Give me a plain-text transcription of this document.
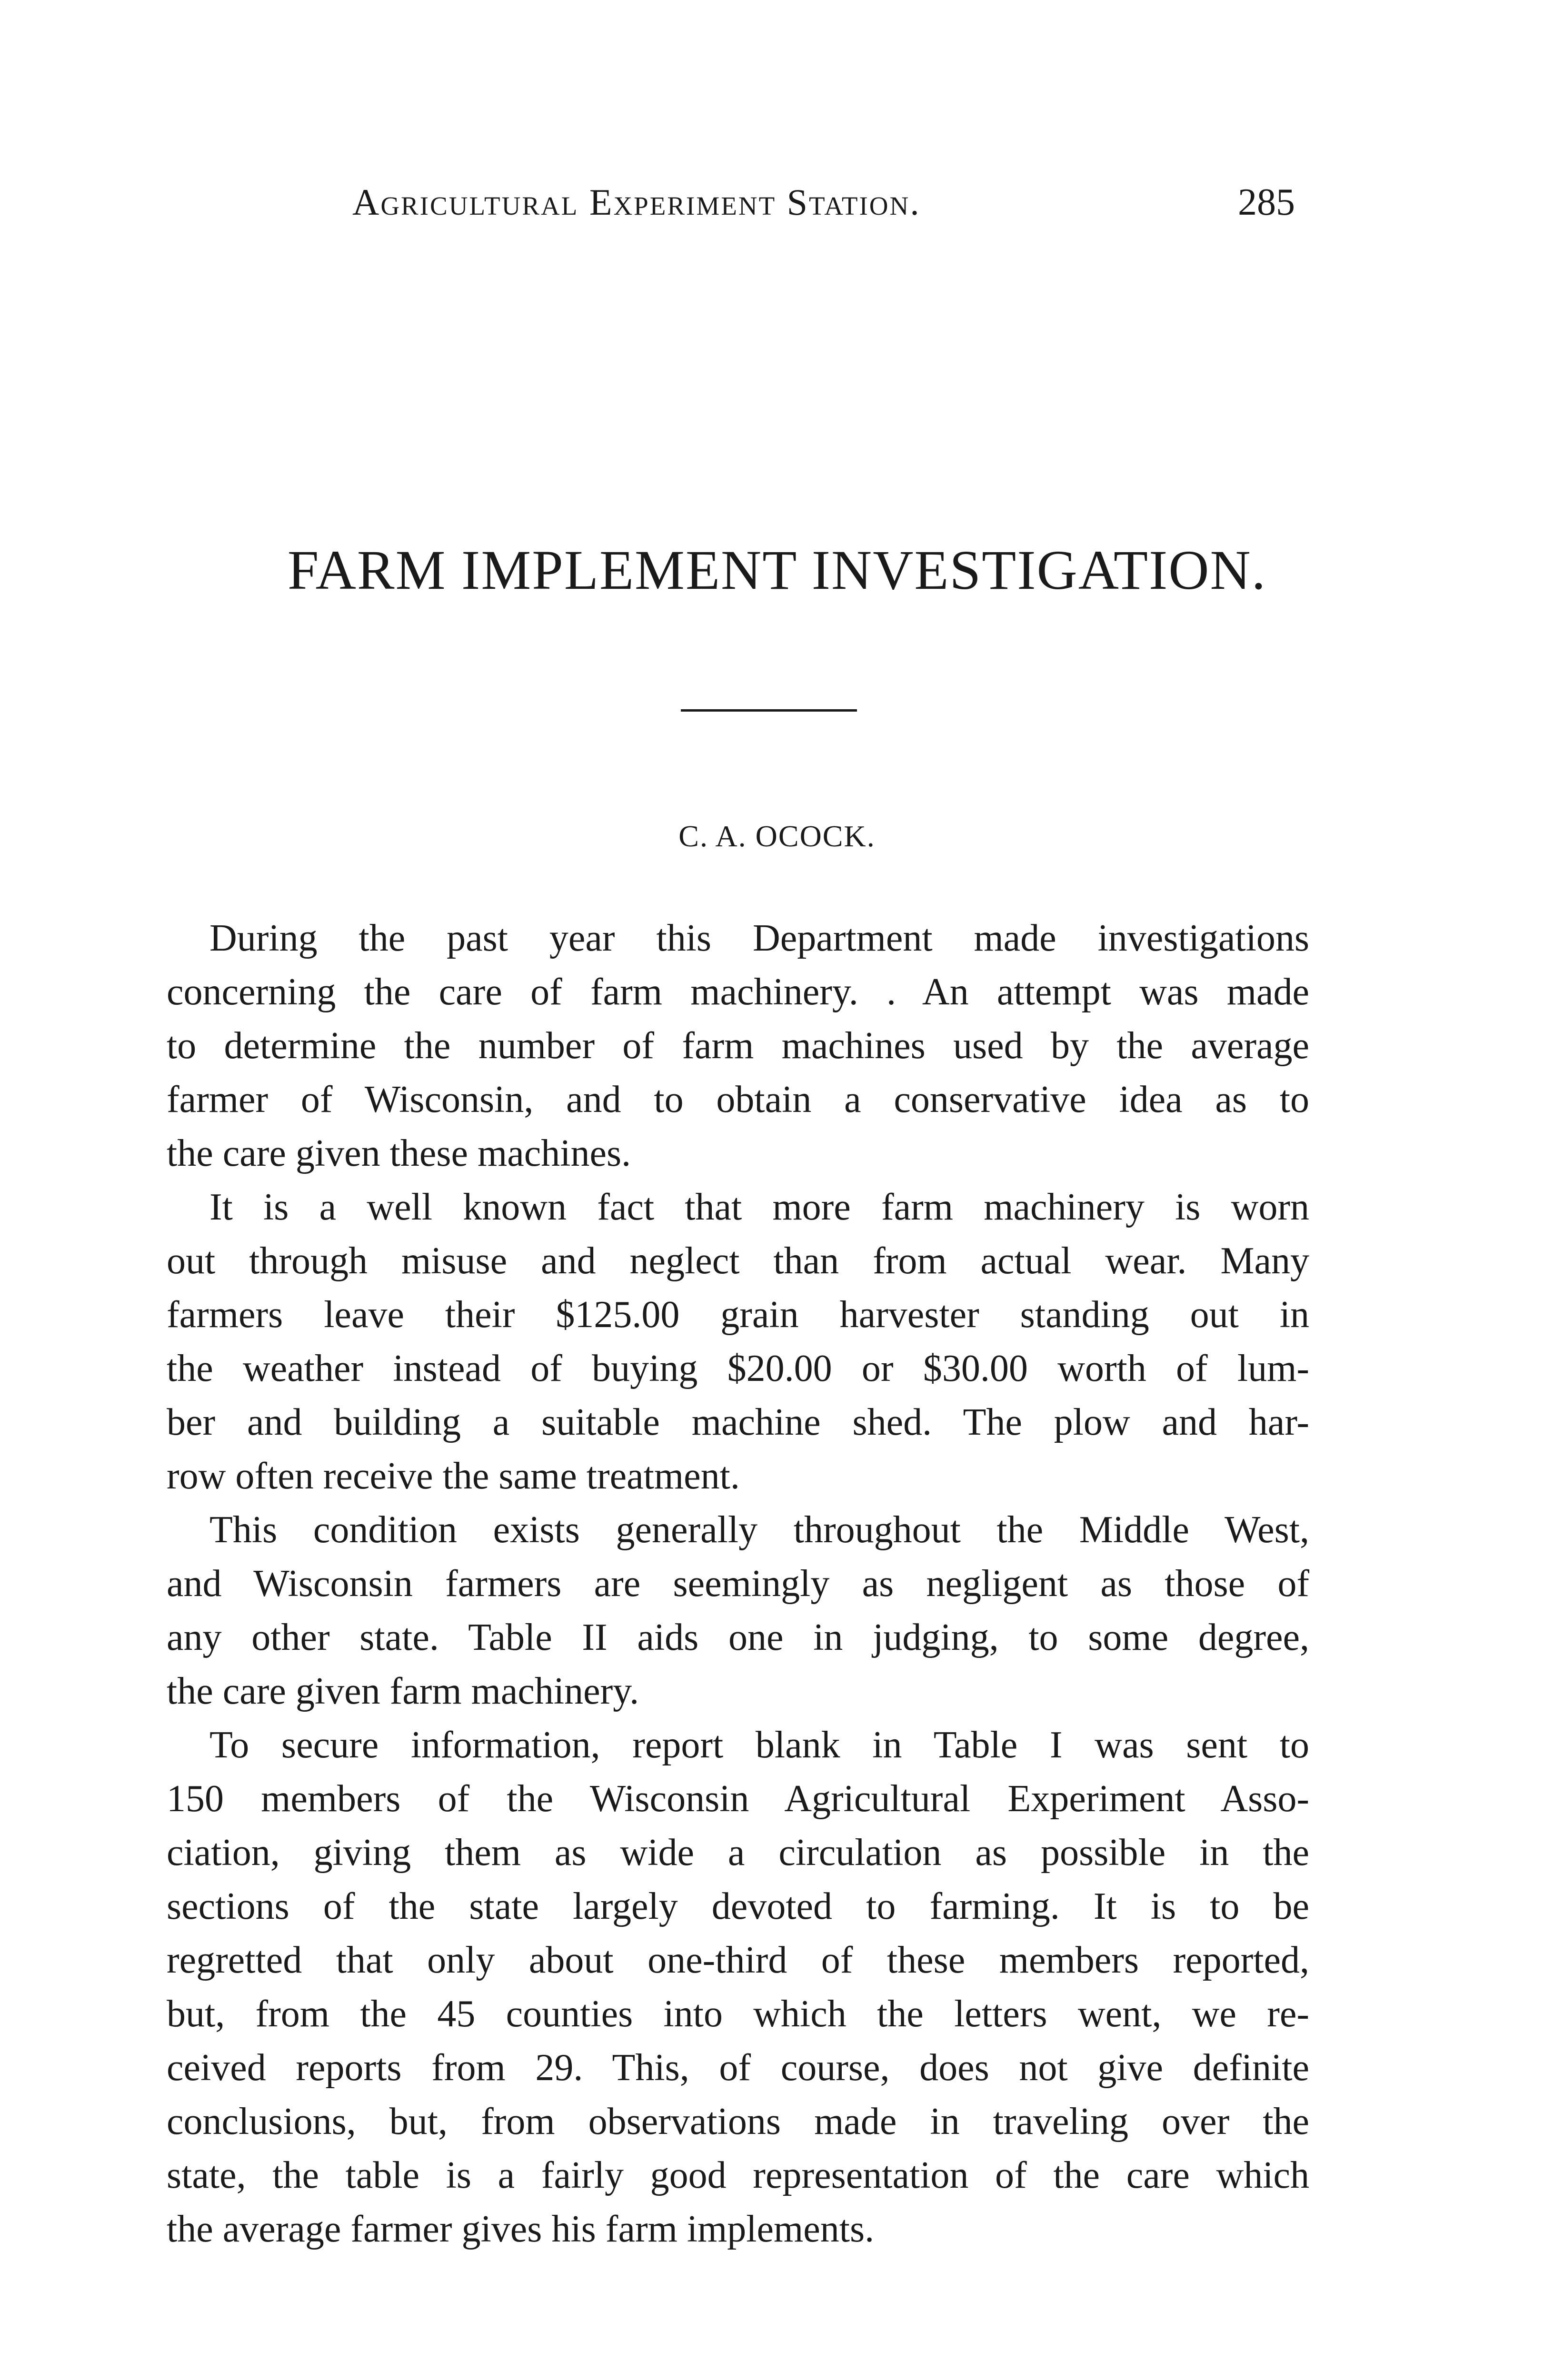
Agricultural Experiment Station.	285
FARM IMPLEMENT INVESTIGATION.
C. A. OCOCK.

During the past year this Department made investigations
concerning the care of farm machinery. . An attempt was made
to determine the number of farm machines used by the average
farmer of Wisconsin, and to obtain a conservative idea as to
the care given these machines.

It is a well known fact that more farm machinery is worn
out through misuse and neglect than from actual wear. Many
farmers leave their $125.00 grain harvester standing out in
the weather instead of buying $20.00 or $30.00 worth of lum-
ber and building a suitable machine shed. The plow and har-
row often receive the same treatment.

This condition exists generally throughout the Middle West,
and Wisconsin farmers are seemingly as negligent as those of
any other state. Table II aids one in judging, to some degree,
the care given farm machinery.

To secure information, report blank in Table I was sent to
150 members of the Wisconsin Agricultural Experiment Asso-
ciation, giving them as wide a circulation as possible in the
sections of the state largely devoted to farming. It is to be
regretted that only about one-third of these members reported,
but, from the 45 counties into which the letters went, we re-
ceived reports from 29. This, of course, does not give definite
conclusions, but, from observations made in traveling over the
state, the table is a fairly good representation of the care which
the average farmer gives his farm implements.
